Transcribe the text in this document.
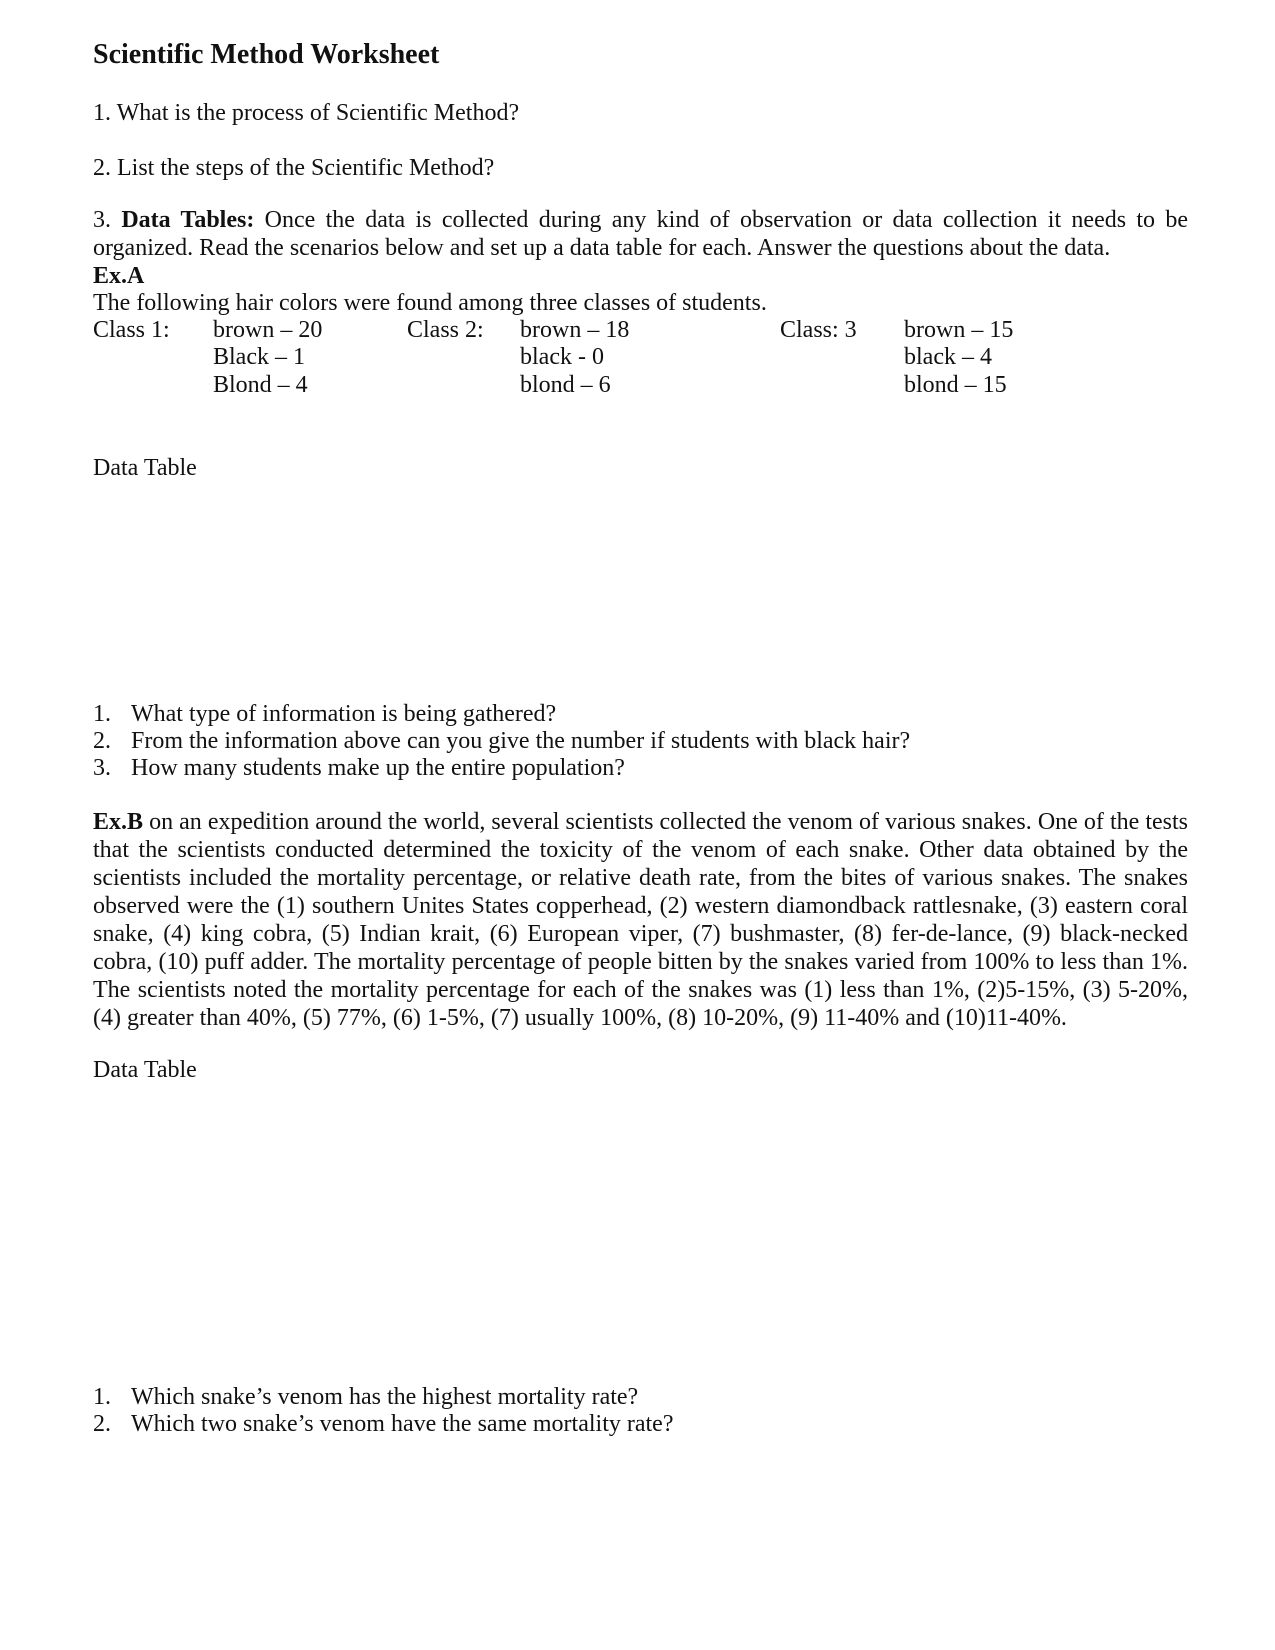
Scientific Method Worksheet
1. What is the process of Scientific Method?
2. List the steps of the Scientific Method?
3. Data Tables: Once the data is collected during any kind of observation or data collection it needs to be organized. Read the scenarios below and set up a data table for each. Answer the questions about the data.
Ex.A
The following hair colors were found among three classes of students.
Class 1: brown – 20
Black – 1
Blond – 4
Class 2: brown – 18
black - 0
blond – 6
Class: 3 brown – 15
black – 4
blond – 15
Data Table
1. What type of information is being gathered?
2. From the information above can you give the number if students with black hair?
3. How many students make up the entire population?
Ex.B on an expedition around the world, several scientists collected the venom of various snakes. One of the tests that the scientists conducted determined the toxicity of the venom of each snake. Other data obtained by the scientists included the mortality percentage, or relative death rate, from the bites of various snakes. The snakes observed were the (1) southern Unites States copperhead, (2) western diamondback rattlesnake, (3) eastern coral snake, (4) king cobra, (5) Indian krait, (6) European viper, (7) bushmaster, (8) fer-de-lance, (9) black-necked cobra, (10) puff adder. The mortality percentage of people bitten by the snakes varied from 100% to less than 1%. The scientists noted the mortality percentage for each of the snakes was (1) less than 1%, (2)5-15%, (3) 5-20%, (4) greater than 40%, (5) 77%, (6) 1-5%, (7) usually 100%, (8) 10-20%, (9) 11-40% and (10)11-40%.
Data Table
1. Which snake’s venom has the highest mortality rate?
2. Which two snake’s venom have the same mortality rate?
